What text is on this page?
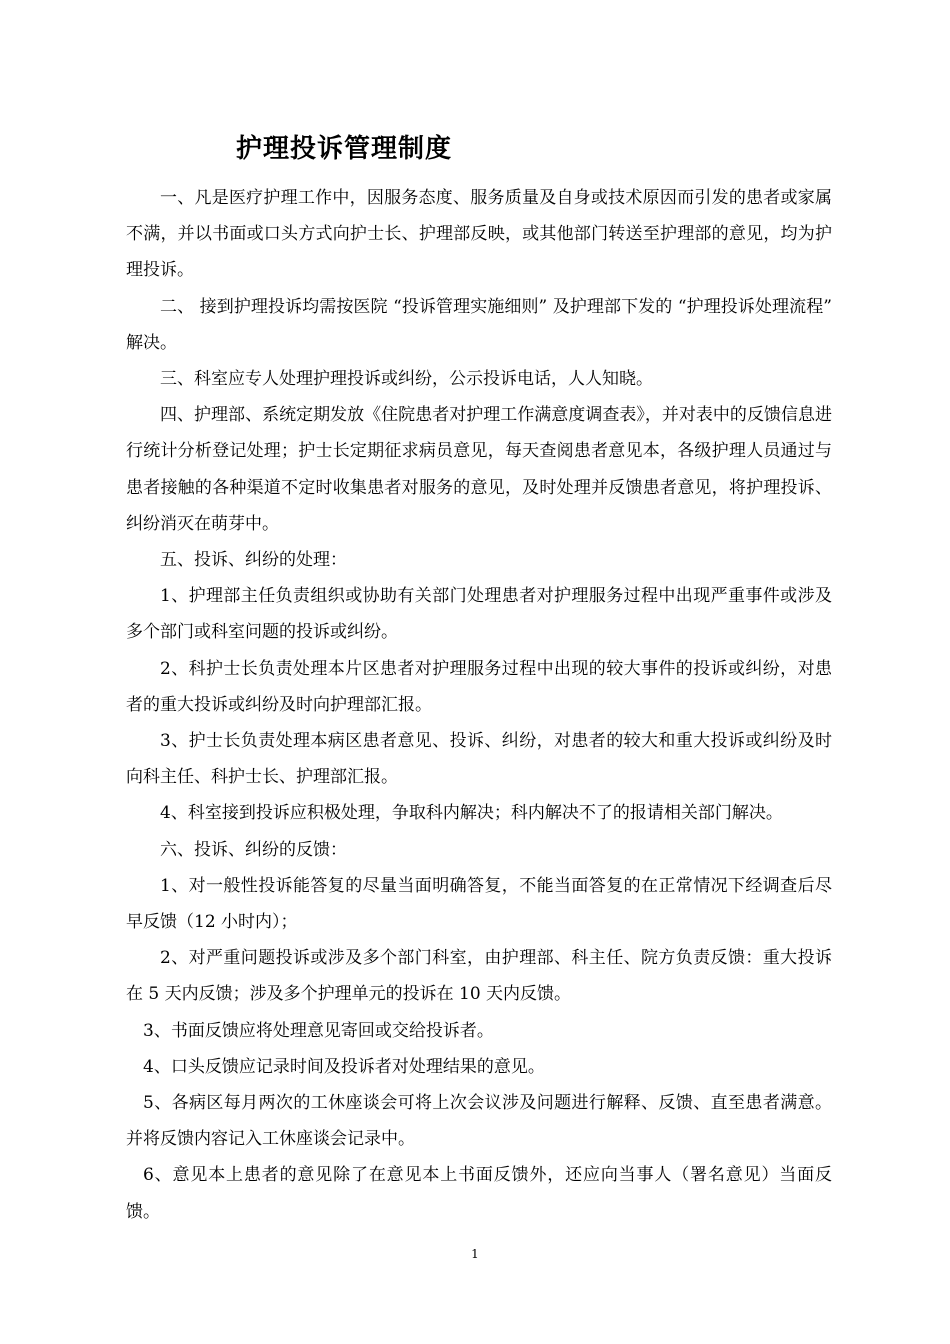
护理投诉管理制度

一、凡是医疗护理工作中，因服务态度、服务质量及自身或技术原因而引发的患者或家属不满，并以书面或口头方式向护士长、护理部反映，或其他部门转送至护理部的意见，均为护理投诉。

二、 接到护理投诉均需按医院 “投诉管理实施细则” 及护理部下发的 “护理投诉处理流程” 解决。

三、科室应专人处理护理投诉或纠纷，公示投诉电话，人人知晓。

四、护理部、系统定期发放《住院患者对护理工作满意度调查表》，并对表中的反馈信息进行统计分析登记处理；护士长定期征求病员意见，每天查阅患者意见本，各级护理人员通过与患者接触的各种渠道不定时收集患者对服务的意见，及时处理并反馈患者意见，将护理投诉、纠纷消灭在萌芽中。

五、投诉、纠纷的处理：

1、护理部主任负责组织或协助有关部门处理患者对护理服务过程中出现严重事件或涉及多个部门或科室问题的投诉或纠纷。

2、科护士长负责处理本片区患者对护理服务过程中出现的较大事件的投诉或纠纷，对患者的重大投诉或纠纷及时向护理部汇报。

3、护士长负责处理本病区患者意见、投诉、纠纷，对患者的较大和重大投诉或纠纷及时向科主任、科护士长、护理部汇报。

4、科室接到投诉应积极处理，争取科内解决；科内解决不了的报请相关部门解决。

六、投诉、纠纷的反馈：

1、对一般性投诉能答复的尽量当面明确答复，不能当面答复的在正常情况下经调查后尽早反馈（12 小时内）；

2、对严重问题投诉或涉及多个部门科室，由护理部、科主任、院方负责反馈：重大投诉在 5 天内反馈；涉及多个护理单元的投诉在 10 天内反馈。

3、书面反馈应将处理意见寄回或交给投诉者。

4、口头反馈应记录时间及投诉者对处理结果的意见。

5、各病区每月两次的工休座谈会可将上次会议涉及问题进行解释、反馈、直至患者满意。并将反馈内容记入工休座谈会记录中。

6、意见本上患者的意见除了在意见本上书面反馈外，还应向当事人（署名意见）当面反馈。

1
